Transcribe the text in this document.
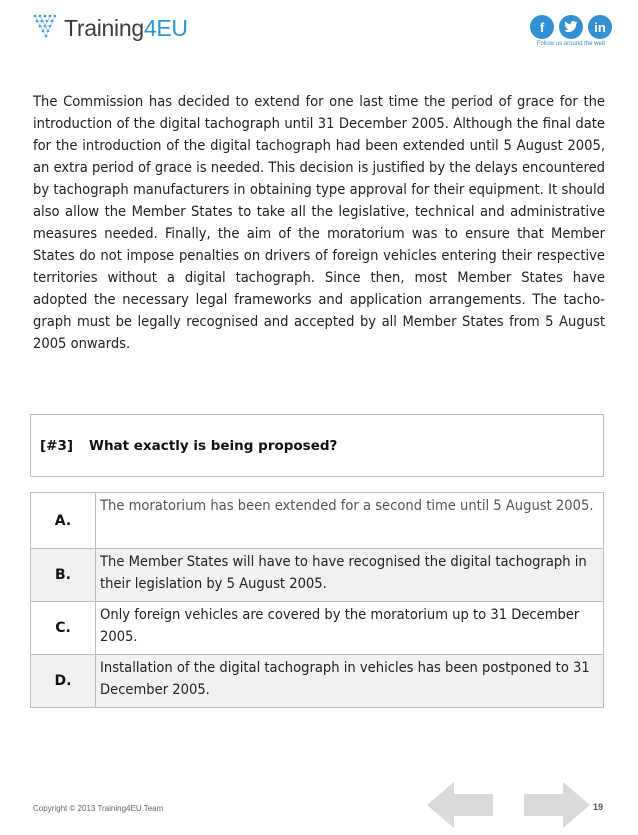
Training4EU	f	in
Follow us around the web

The Commission has decided to extend for one last time the period of grace for the introduction of the digital tachograph until 31 December 2005. Although the final date for the introduction of the digital tachograph had been extended until 5 August 2005, an extra period of grace is needed. This decision is justified by the delays encountered by tachograph manufacturers in obtaining type approval for their equipment. It should also allow the Member States to take all the legislative, technical and administrative measures needed. Finally, the aim of the moratorium was to ensure that Member States do not impose penalties on drivers of foreign vehicles entering their respective territories without a digital tachograph. Since then, most Member States have adopted the necessary legal frameworks and application arrangements. The tachograph must be legally recognised and accepted by all Member States from 5 August 2005 onwards.

[#3] What exactly is being proposed?
A.	The moratorium has been extended for a second time until 5 August 2005.
B.	The Member States will have to have recognised the digital tachograph in their legislation by 5 August 2005.
C.	Only foreign vehicles are covered by the moratorium up to 31 December 2005.
D.	Installation of the digital tachograph in vehicles has been postponed to 31 December 2005.
Copyright © 2013 Training4EU Team	19
